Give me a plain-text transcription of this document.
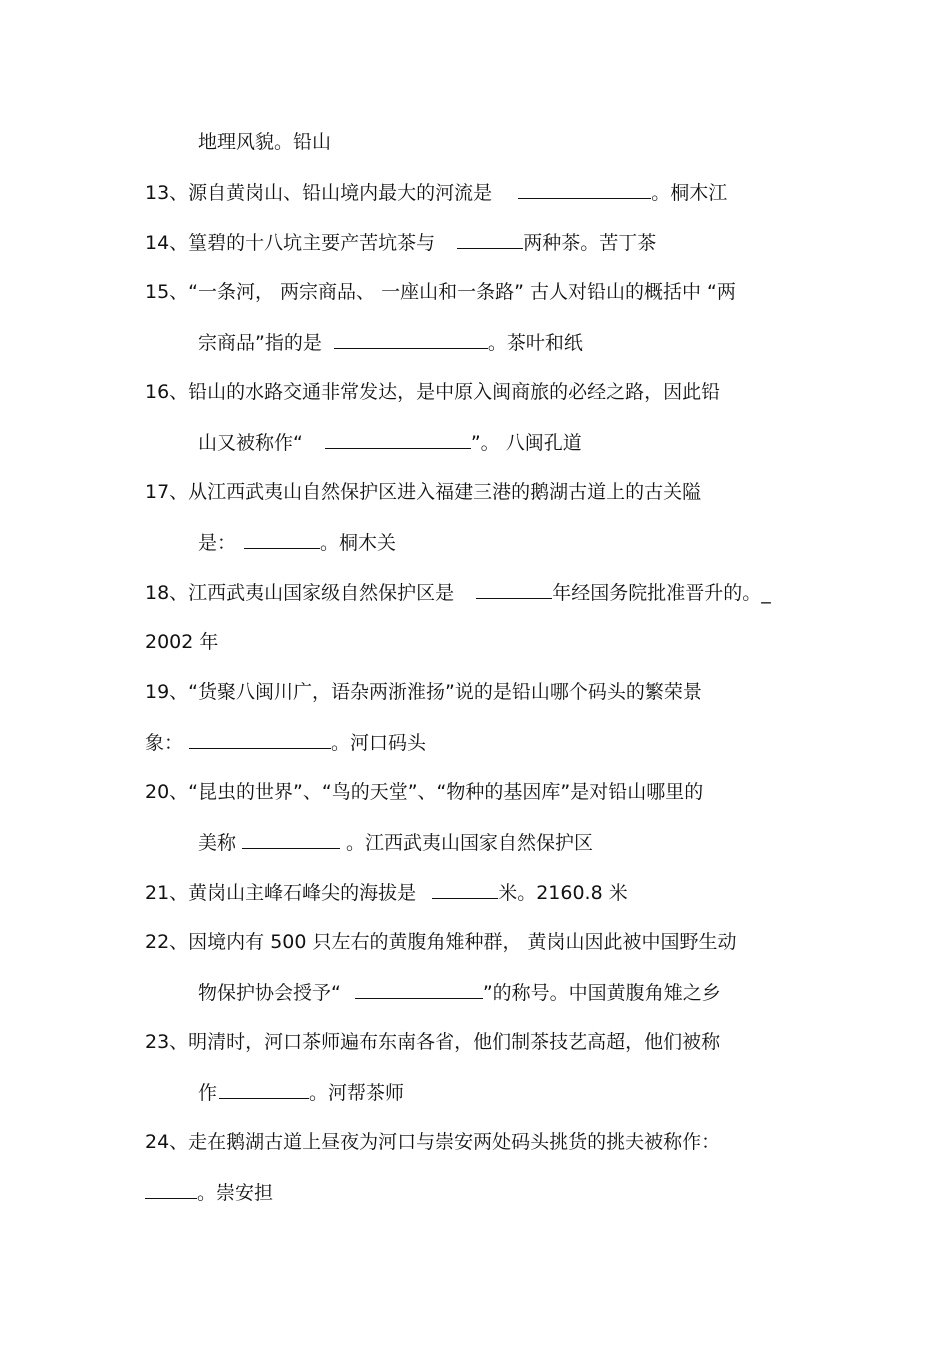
地理风貌。铅山
13、源自黄岗山、铅山境内最大的河流是	。桐木江
14、篁碧的十八坑主要产苦坑茶与	两种茶。苦丁茶
15、“一条河， 两宗商品、 一座山和一条路” 古人对铅山的概括中 “两
宗商品”指的是	。茶叶和纸
16、铅山的水路交通非常发达，是中原入闽商旅的必经之路，因此铅
山又被称作“	”。 八闽孔道
17、从江西武夷山自然保护区进入福建三港的鹅湖古道上的古关隘
是：	。桐木关
18、江西武夷山国家级自然保护区是	年经国务院批准晋升的。_
2002 年
19、“货聚八闽川广，语杂两浙淮扬”说的是铅山哪个码头的繁荣景
象：	。河口码头
20、“昆虫的世界”、“鸟的天堂”、“物种的基因库”是对铅山哪里的
美称	。江西武夷山国家自然保护区
21、黄岗山主峰石峰尖的海拔是	米。2160.8 米
22、因境内有 500 只左右的黄腹角雉种群， 黄岗山因此被中国野生动
物保护协会授予“	”的称号。中国黄腹角雉之乡
23、明清时，河口茶师遍布东南各省，他们制茶技艺高超，他们被称
作	。河帮茶师
24、走在鹅湖古道上昼夜为河口与崇安两处码头挑货的挑夫被称作：
。崇安担
